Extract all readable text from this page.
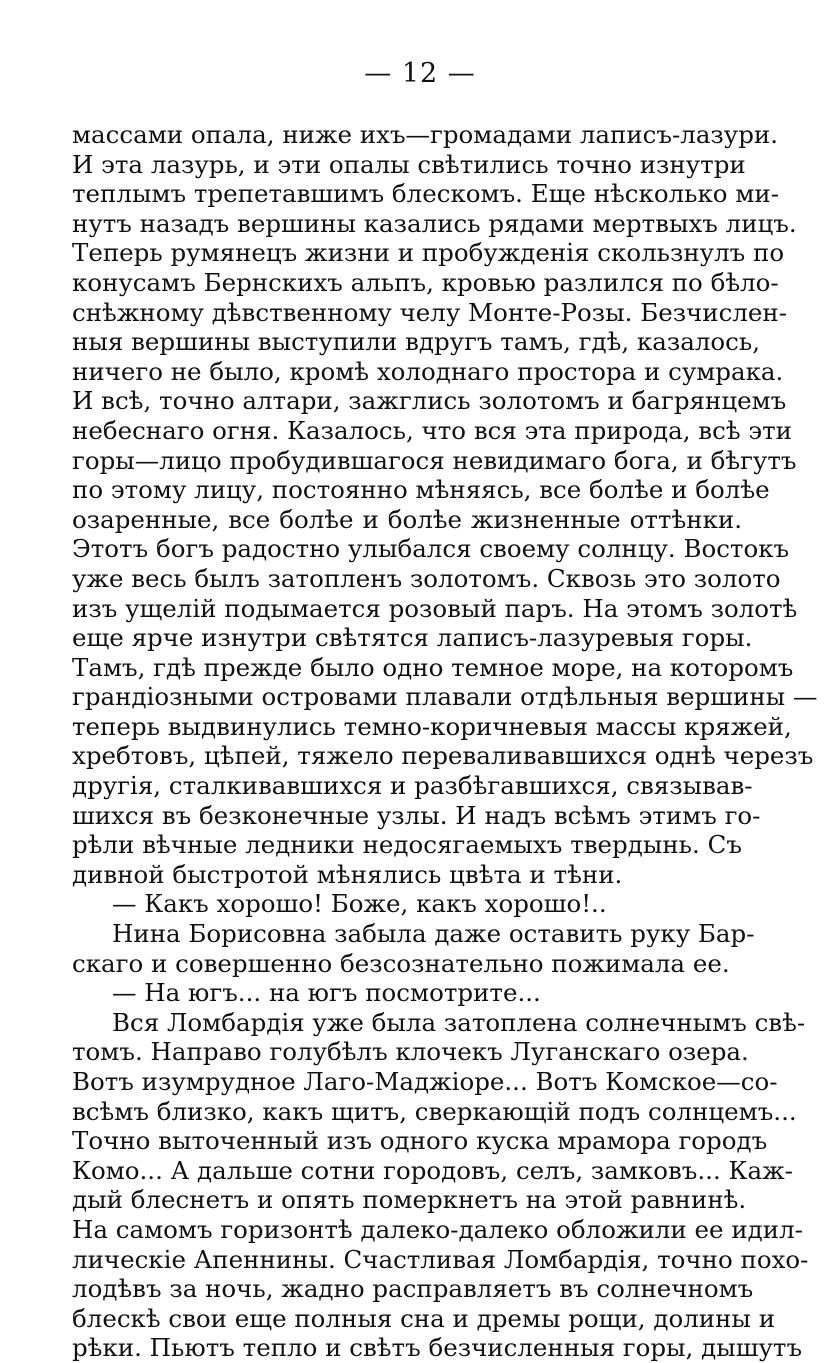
— 12 —
массами опала, ниже ихъ—громадами лаписъ-лазури.
И эта лазурь, и эти опалы свѣтились точно изнутри
теплымъ трепетавшимъ блескомъ. Еще нѣсколько ми-
нутъ назадъ вершины казались рядами мертвыхъ лицъ.
Теперь румянецъ жизни и пробужденія скользнулъ по
конусамъ Бернскихъ альпъ, кровью разлился по бѣло-
снѣжному дѣвственному челу Монте-Розы. Безчислен-
ныя вершины выступили вдругъ тамъ, гдѣ, казалось,
ничего не было, кромѣ холоднаго простора и сумрака.
И всѣ, точно алтари, зажглись золотомъ и багрянцемъ
небеснаго огня. Казалось, что вся эта природа, всѣ эти
горы—лицо пробудившагося невидимаго бога, и бѣгутъ
по этому лицу, постоянно мѣняясь, все болѣе и болѣе
озаренные, все болѣе и болѣе жизненные оттѣнки.
Этотъ богъ радостно улыбался своему солнцу. Востокъ
уже весь былъ затопленъ золотомъ. Сквозь это золото
изъ ущелій подымается розовый паръ. На этомъ золотѣ
еще ярче изнутри свѣтятся лаписъ-лазуревыя горы.
Тамъ, гдѣ прежде было одно темное море, на которомъ
грандіозными островами плавали отдѣльныя вершины —
теперь выдвинулись темно-коричневыя массы кряжей,
хребтовъ, цѣпей, тяжело переваливавшихся однѣ черезъ
другія, сталкивавшихся и разбѣгавшихся, связывав-
шихся въ безконечные узлы. И надъ всѣмъ этимъ го-
рѣли вѣчные ледники недосягаемыхъ твердынь. Съ
дивной быстротой мѣнялись цвѣта и тѣни.
— Какъ хорошо! Боже, какъ хорошо!..
Нина Борисовна забыла даже оставить руку Бар-
скаго и совершенно безсознательно пожимала ее.
— На югъ... на югъ посмотрите...
Вся Ломбардія уже была затоплена солнечнымъ свѣ-
томъ. Направо голубѣлъ клочекъ Луганскаго озера.
Вотъ изумрудное Лаго-Маджіоре... Вотъ Комское—со-
всѣмъ близко, какъ щитъ, сверкающій подъ солнцемъ...
Точно выточенный изъ одного куска мрамора городъ
Комо... А дальше сотни городовъ, селъ, замковъ... Каж-
дый блеснетъ и опять померкнетъ на этой равнинѣ.
На самомъ горизонтѣ далеко-далеко обложили ее идил-
лическіе Апеннины. Счастливая Ломбардія, точно похо-
лодѣвъ за ночь, жадно расправляетъ въ солнечномъ
блескѣ свои еще полныя сна и дремы рощи, долины и
рѣки. Пьютъ тепло и свѣтъ безчисленныя горы, дышутъ
